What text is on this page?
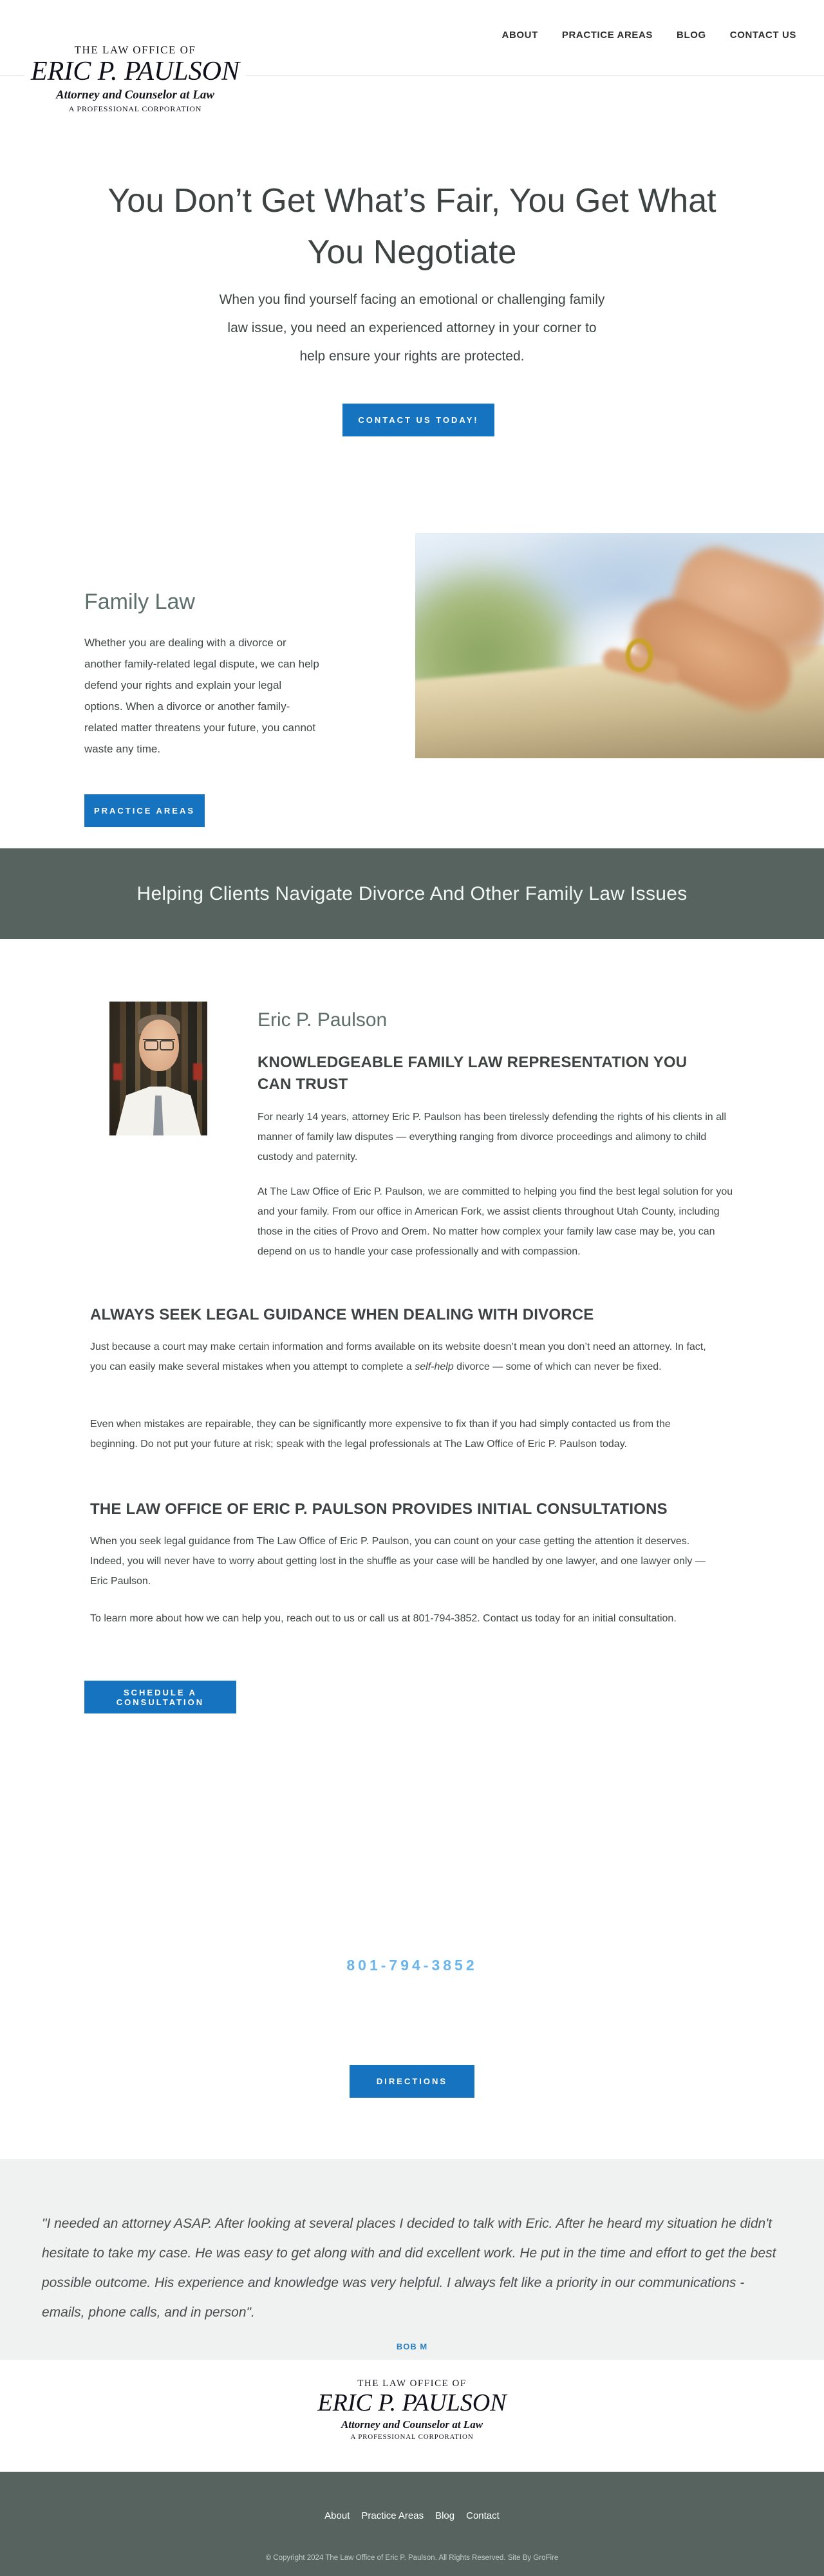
ABOUT PRACTICE AREAS BLOG CONTACT US
THE LAW OFFICE OF
ERIC P. PAULSON
Attorney and Counselor at Law
A PROFESSIONAL CORPORATION
You Don’t Get What’s Fair, You Get What You Negotiate

When you find yourself facing an emotional or challenging family law issue, you need an experienced attorney in your corner to help ensure your rights are protected.

CONTACT US TODAY!
Family Law

Whether you are dealing with a divorce or another family-related legal dispute, we can help defend your rights and explain your legal options. When a divorce or another family-related matter threatens your future, you cannot waste any time.

PRACTICE AREAS
Helping Clients Navigate Divorce And Other Family Law Issues
Eric P. Paulson
KNOWLEDGEABLE FAMILY LAW REPRESENTATION YOU CAN TRUST

For nearly 14 years, attorney Eric P. Paulson has been tirelessly defending the rights of his clients in all manner of family law disputes — everything ranging from divorce proceedings and alimony to child custody and paternity.

At The Law Office of Eric P. Paulson, we are committed to helping you find the best legal solution for you and your family. From our office in American Fork, we assist clients throughout Utah County, including those in the cities of Provo and Orem. No matter how complex your family law case may be, you can depend on us to handle your case professionally and with compassion.

ALWAYS SEEK LEGAL GUIDANCE WHEN DEALING WITH DIVORCE

Just because a court may make certain information and forms available on its website doesn’t mean you don’t need an attorney. In fact, you can easily make several mistakes when you attempt to complete a self-help divorce — some of which can never be fixed.

Even when mistakes are repairable, they can be significantly more expensive to fix than if you had simply contacted us from the beginning. Do not put your future at risk; speak with the legal professionals at The Law Office of Eric P. Paulson today.

THE LAW OFFICE OF ERIC P. PAULSON PROVIDES INITIAL CONSULTATIONS

When you seek legal guidance from The Law Office of Eric P. Paulson, you can count on your case getting the attention it deserves. Indeed, you will never have to worry about getting lost in the shuffle as your case will be handled by one lawyer, and one lawyer only — Eric Paulson.

To learn more about how we can help you, reach out to us or call us at 801-794-3852. Contact us today for an initial consultation.

SCHEDULE A CONSULTATION
801-794-3852
DIRECTIONS

"I needed an attorney ASAP. After looking at several places I decided to talk with Eric. After he heard my situation he didn't hesitate to take my case. He was easy to get along with and did excellent work. He put in the time and effort to get the best possible outcome. His experience and knowledge was very helpful. I always felt like a priority in our communications - emails, phone calls, and in person".

BOB M
THE LAW OFFICE OF
ERIC P. PAULSON
Attorney and Counselor at Law
A PROFESSIONAL CORPORATION
About Practice Areas Blog Contact
© Copyright 2024 The Law Office of Eric P. Paulson. All Rights Reserved. Site By GroFire
